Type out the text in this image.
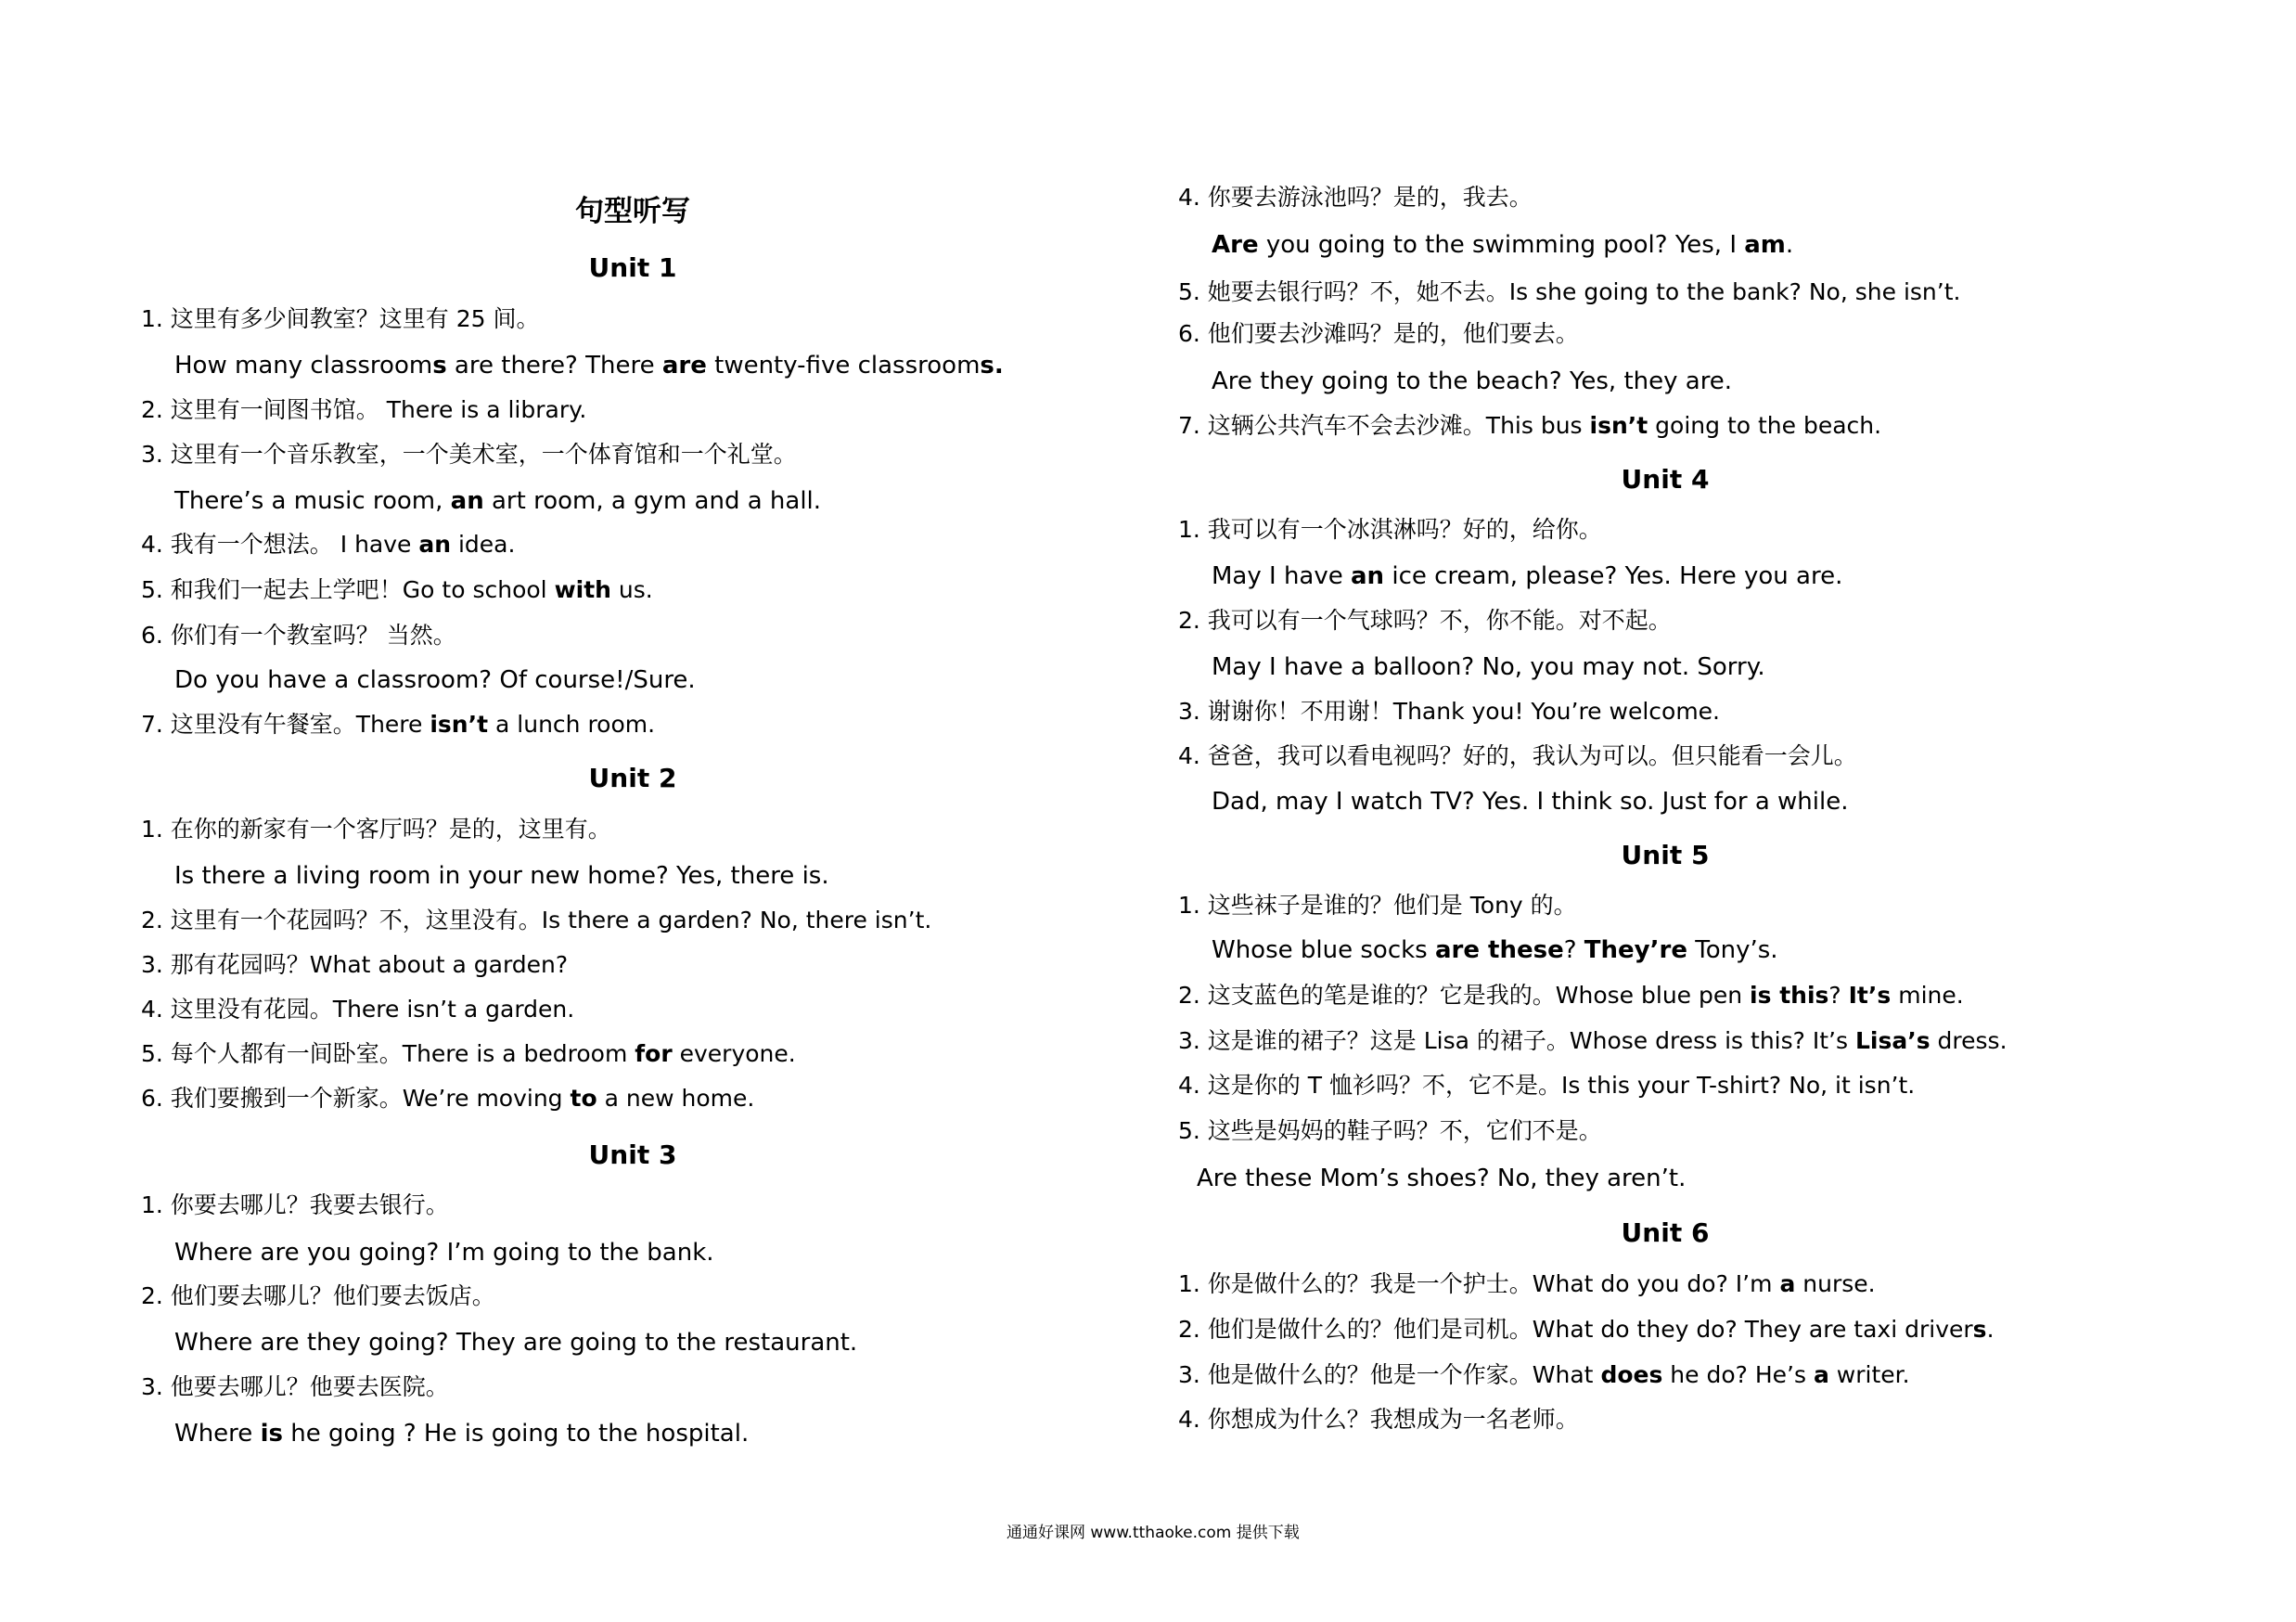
句型听写
Unit 1
1. 这里有多少间教室？这里有 25 间。
How many classrooms are there? There are twenty-five classrooms.
2. 这里有一间图书馆。 There is a library.
3. 这里有一个音乐教室，一个美术室，一个体育馆和一个礼堂。
There’s a music room, an art room, a gym and a hall.
4. 我有一个想法。 I have an idea.
5. 和我们一起去上学吧！Go to school with us.
6. 你们有一个教室吗？ 当然。
Do you have a classroom? Of course!/Sure.
7. 这里没有午餐室。There isn’t a lunch room.
Unit 2
1. 在你的新家有一个客厅吗？是的，这里有。
Is there a living room in your new home? Yes, there is.
2. 这里有一个花园吗？不，这里没有。Is there a garden? No, there isn’t.
3. 那有花园吗？What about a garden?
4. 这里没有花园。There isn’t a garden.
5. 每个人都有一间卧室。There is a bedroom for everyone.
6. 我们要搬到一个新家。We’re moving to a new home.
Unit 3
1. 你要去哪儿？我要去银行。
Where are you going? I’m going to the bank.
2. 他们要去哪儿？他们要去饭店。
Where are they going? They are going to the restaurant.
3. 他要去哪儿？他要去医院。
Where is he going ? He is going to the hospital.
4. 你要去游泳池吗？是的，我去。
Are you going to the swimming pool? Yes, I am.
5. 她要去银行吗？不，她不去。Is she going to the bank? No, she isn’t.
6. 他们要去沙滩吗？是的，他们要去。
Are they going to the beach? Yes, they are.
7. 这辆公共汽车不会去沙滩。This bus isn’t going to the beach.
Unit 4
1. 我可以有一个冰淇淋吗？好的，给你。
May I have an ice cream, please? Yes. Here you are.
2. 我可以有一个气球吗？不，你不能。对不起。
May I have a balloon? No, you may not. Sorry.
3. 谢谢你！不用谢！Thank you! You’re welcome.
4. 爸爸，我可以看电视吗？好的，我认为可以。但只能看一会儿。
Dad, may I watch TV? Yes. I think so. Just for a while.
Unit 5
1. 这些袜子是谁的？他们是 Tony 的。
Whose blue socks are these? They’re Tony’s.
2. 这支蓝色的笔是谁的？它是我的。Whose blue pen is this? It’s mine.
3. 这是谁的裙子？这是 Lisa 的裙子。Whose dress is this? It’s Lisa’s dress.
4. 这是你的 T 恤衫吗？不，它不是。Is this your T-shirt? No, it isn’t.
5. 这些是妈妈的鞋子吗？不，它们不是。
Are these Mom’s shoes? No, they aren’t.
Unit 6
1. 你是做什么的？我是一个护士。What do you do? I’m a nurse.
2. 他们是做什么的？他们是司机。What do they do? They are taxi drivers.
3. 他是做什么的？他是一个作家。What does he do? He’s a writer.
4. 你想成为什么？我想成为一名老师。
通通好课网 www.tthaoke.com 提供下载
